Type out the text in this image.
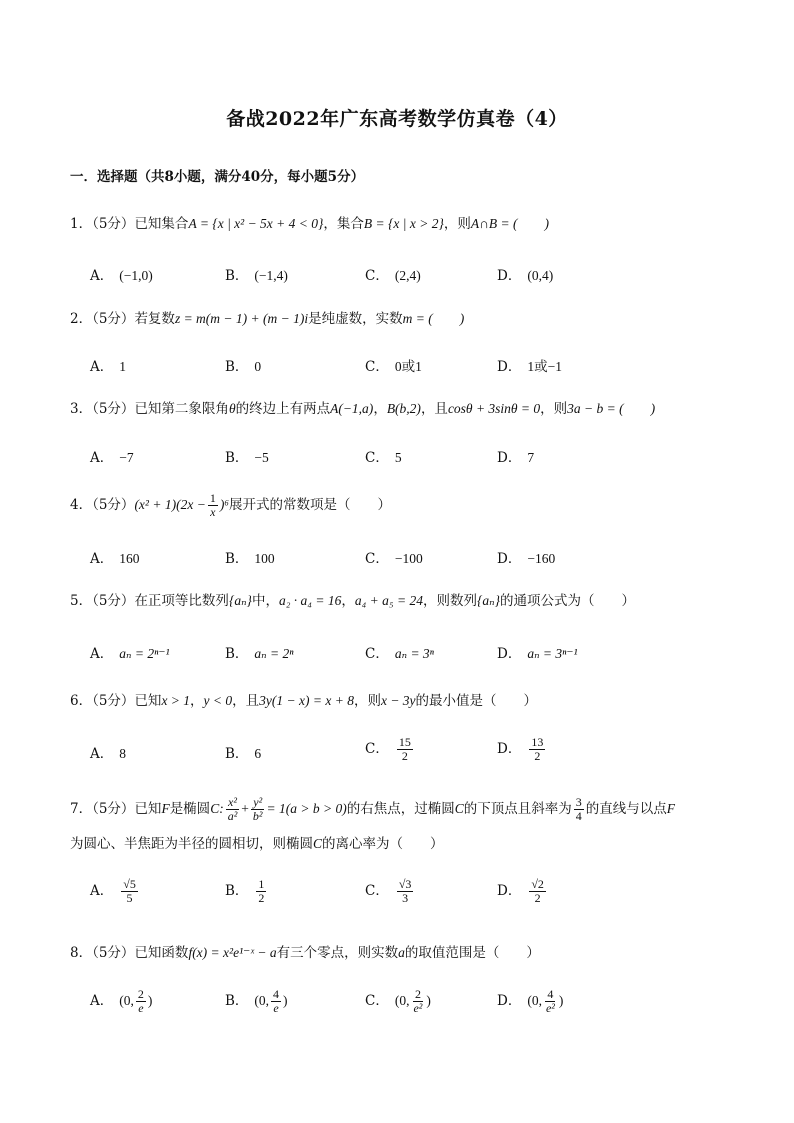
备战2022年广东高考数学仿真卷（4）
一．选择题（共8小题，满分40分，每小题5分）
1．（5分）已知集合A = {x | x² − 5x + 4 < 0}，集合B = {x | x > 2}，则A∩B = (　　)
A． (−1,0)	B． (−1,4)	C． (2,4)	D． (0,4)
2．（5分）若复数z = m(m − 1) + (m − 1)i是纯虚数，实数m = (　　)
A． 1	B． 0	C． 0或1	D． 1或−1
3．（5分）已知第二象限角θ的终边上有两点A(−1,a)，B(b,2)，且cosθ + 3sinθ = 0，则3a − b = (　　)
A． −7	B． −5	C． 5	D． 7
4．（5分）$(x^2 + 1)(2x - \frac{1}{x} )^6$展开式的常数项是（　　）
A． 160	B． 100	C． −100	D． −160
5．（5分）在正项等比数列{aₙ}中，a₂ · a₄ = 16，a₄ + a₅ = 24，则数列{aₙ}的通项公式为（　　）
A． aₙ = 2ⁿ⁻¹	B． aₙ = 2ⁿ	C． aₙ = 3ⁿ	D． aₙ = 3ⁿ⁻¹
6．（5分）已知x > 1，y < 0，且3y(1 − x) = x + 8，则x − 3y的最小值是（　　）
A． 8	B． 6	C． $\frac{15}{2}$	D． $\frac{13}{2}$
7．（5分）已知F是椭圆C: $\frac{\text{x²}}{\text{a²}} + \frac{\text{y²}}{\text{b²}} = 1(a > b > 0)$的右焦点，过椭圆C的下顶点且斜率为 $\frac{3}{4}$ 的直线与以点F
为圆心、半焦距为半径的圆相切，则椭圆C的离心率为（　　）
A． $\frac{√5}{5}$	B． $\frac{1}{2}$	C． $\frac{√3}{3}$	D． $\frac{√2}{2}$
8．（5分）已知函数f(x) = x²e¹⁻ˣ − a有三个零点，则实数a的取值范围是（　　）
A． (0, $\frac{2}{e}$ )	B． (0, $\frac{4}{e}$ )	C． (0, $\frac{2}{\text{e²}}$ )	D． (0, $\frac{4}{\text{e²}}$ )
